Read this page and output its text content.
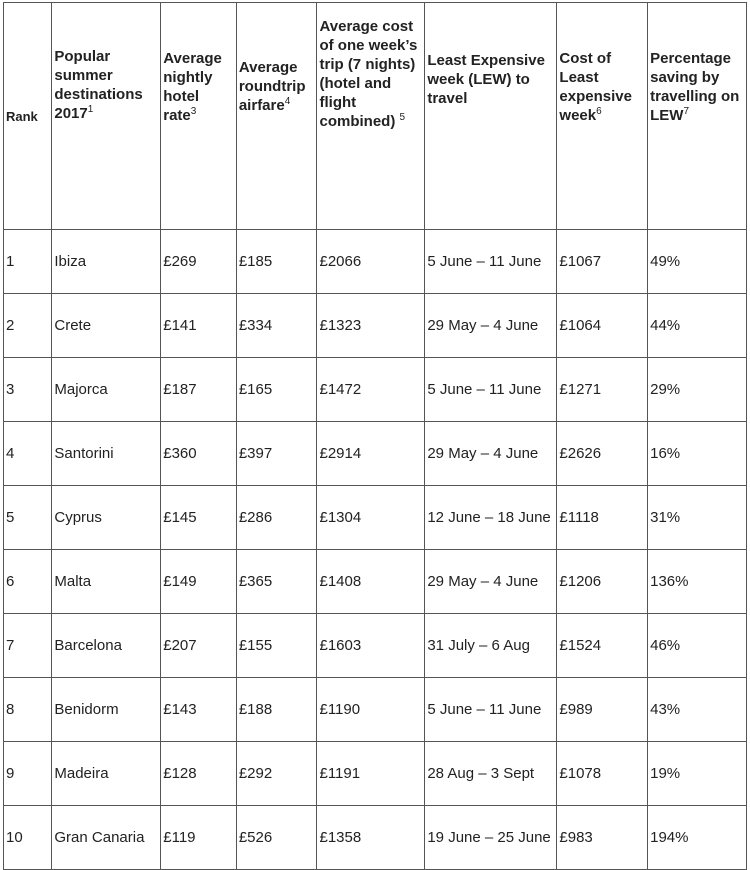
Rank	Popular summer destinations 2017$^1$	Average nightly hotel rate$^3$	Average roundtrip airfare$^4$	Average cost of one week’s trip (7 nights) (hotel and flight combined) $^5$	Least Expensive week (LEW) to travel	Cost of Least expensive week$^6$	Percentage saving by travelling on LEW$^7$
1	Ibiza	£269	£185	£2066	5 June – 11 June	£1067	49%
2	Crete	£141	£334	£1323	29 May – 4 June	£1064	44%
3	Majorca	£187	£165	£1472	5 June – 11 June	£1271	29%
4	Santorini	£360	£397	£2914	29 May – 4 June	£2626	16%
5	Cyprus	£145	£286	£1304	12 June – 18 June	£1118	31%
6	Malta	£149	£365	£1408	29 May – 4 June	£1206	136%
7	Barcelona	£207	£155	£1603	31 July – 6 Aug	£1524	46%
8	Benidorm	£143	£188	£1190	5 June – 11 June	£989	43%
9	Madeira	£128	£292	£1191	28 Aug – 3 Sept	£1078	19%
10	Gran Canaria	£119	£526	£1358	19 June – 25 June	£983	194%
